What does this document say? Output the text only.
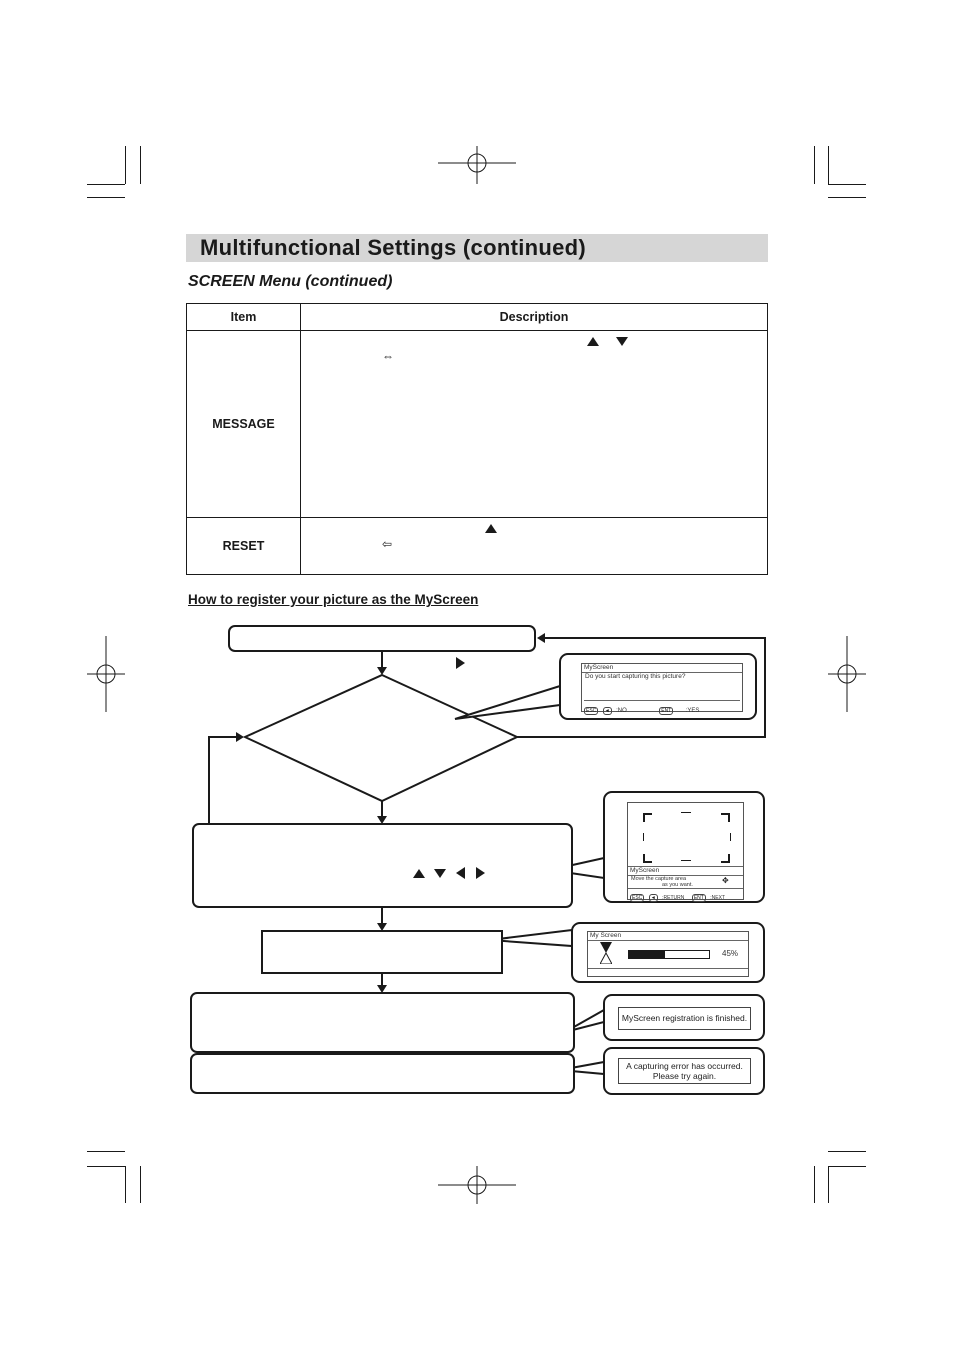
Multifunctional Settings (continued)
SCREEN Menu (continued)
Item	Description
MESSAGE	⇔

RESET	⇦
How to register your picture as the MyScreen
MyScreen
Do you start capturing this picture?
ESC ◄ :NO	ENT :YES
MyScreen
Move the capture area
as you want.	✥
ESC ◄ :RETURN ENT :NEXT
My Screen
45%
MyScreen registration is finished.
A capturing error has occurred.
Please try again.
